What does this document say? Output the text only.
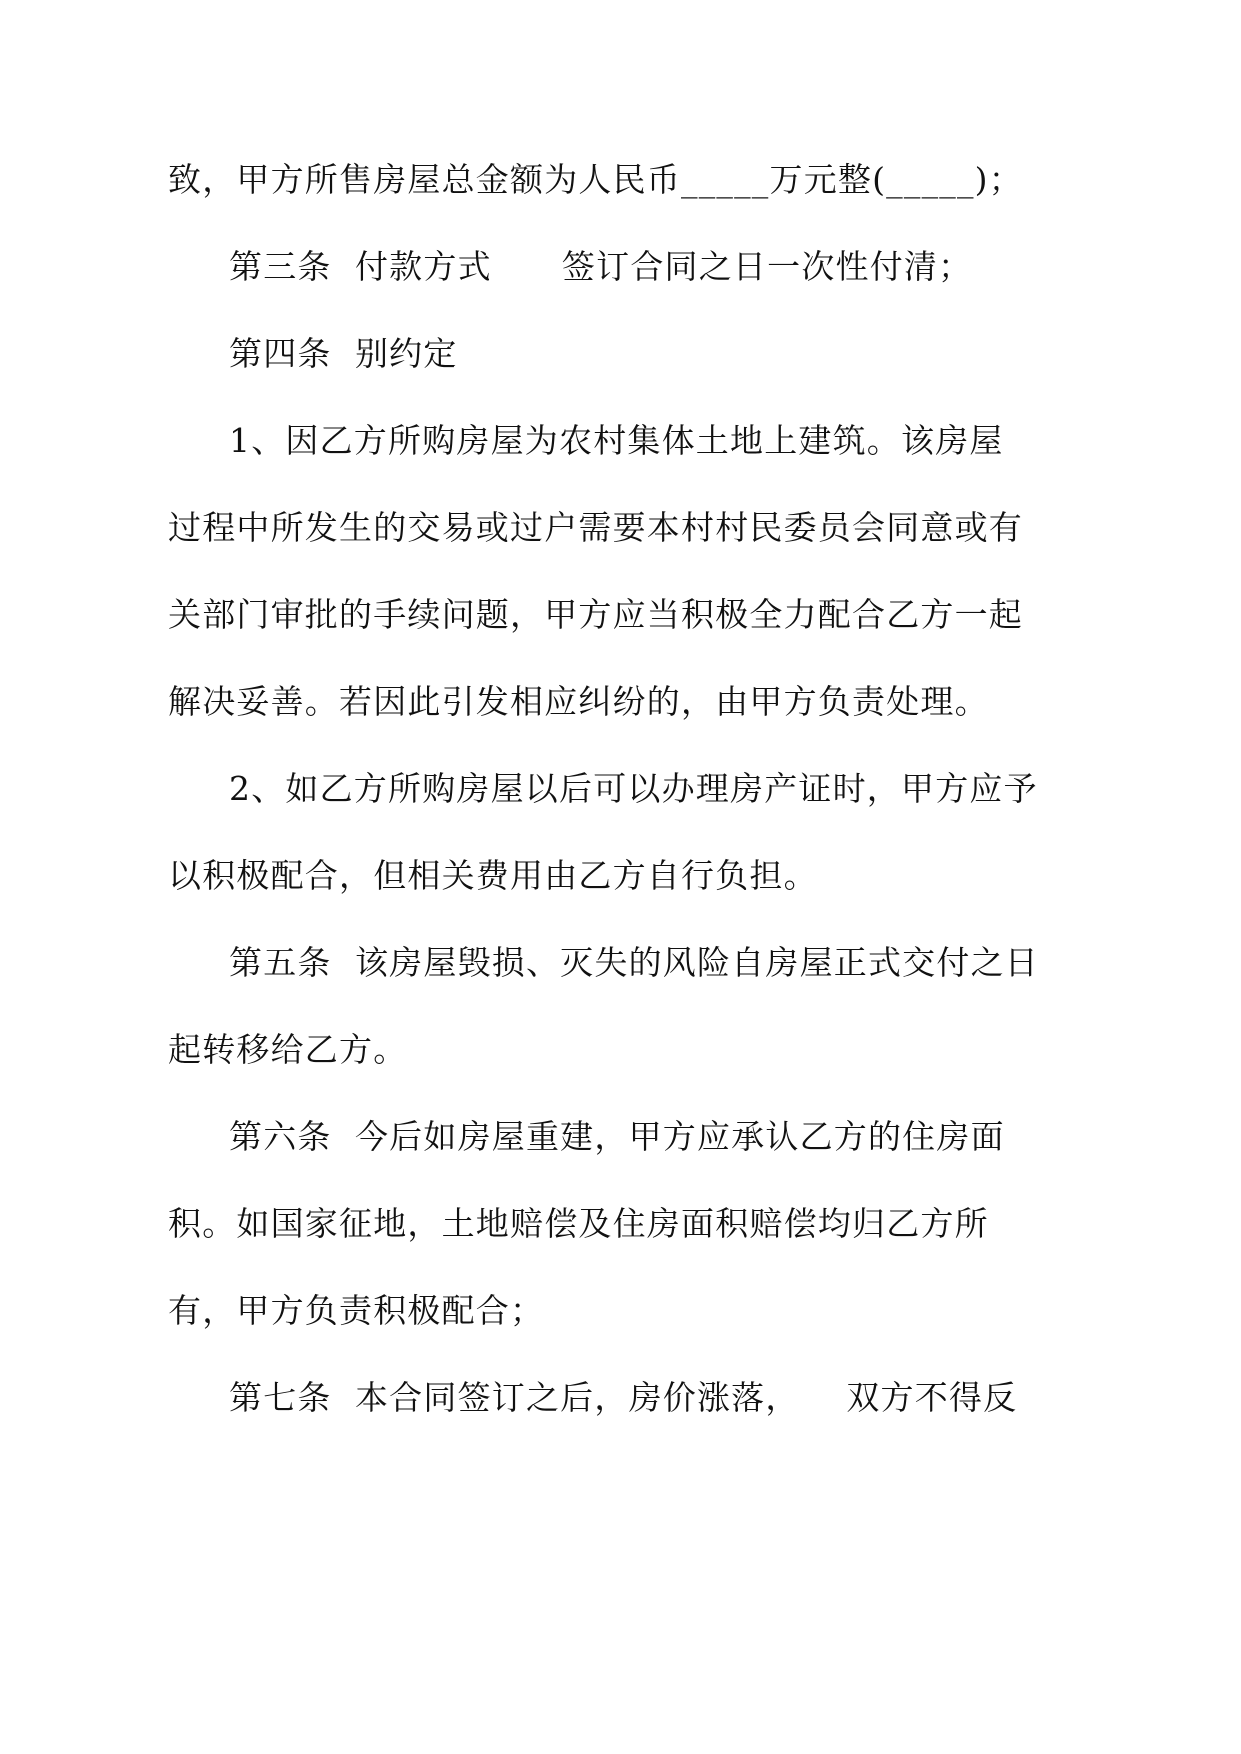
致，甲方所售房屋总金额为人民币_____万元整(_____)；
第三条  付款方式      签订合同之日一次性付清；
第四条  别约定
1、因乙方所购房屋为农村集体土地上建筑。该房屋
过程中所发生的交易或过户需要本村村民委员会同意或有
关部门审批的手续问题，甲方应当积极全力配合乙方一起
解决妥善。若因此引发相应纠纷的，由甲方负责处理。
2、如乙方所购房屋以后可以办理房产证时，甲方应予
以积极配合，但相关费用由乙方自行负担。
第五条  该房屋毁损、灭失的风险自房屋正式交付之日
起转移给乙方。
第六条  今后如房屋重建，甲方应承认乙方的住房面
积。如国家征地，土地赔偿及住房面积赔偿均归乙方所
有，甲方负责积极配合；
第七条  本合同签订之后，房价涨落，    双方不得反
